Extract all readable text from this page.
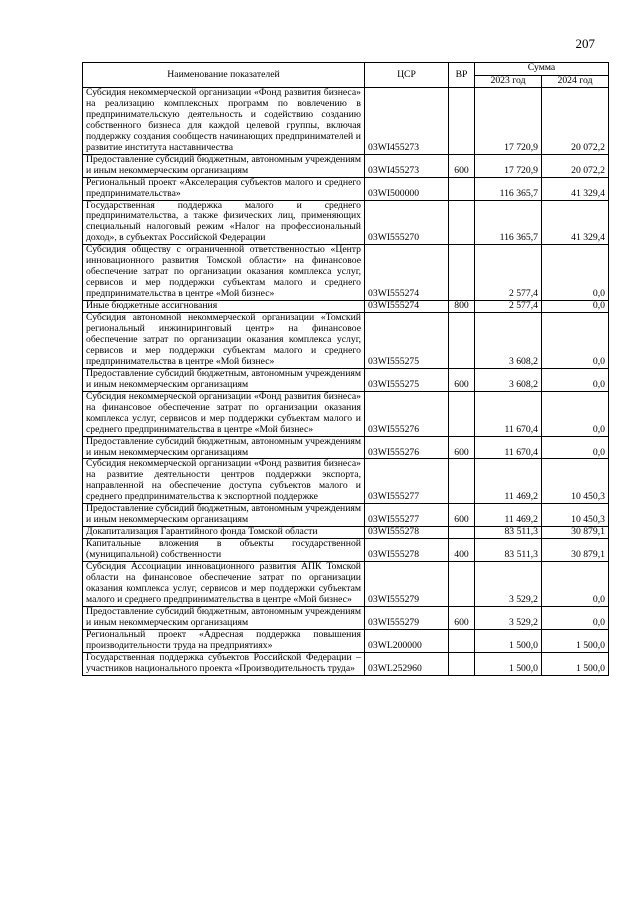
207
Наименование показателей	ЦСР	ВР	Сумма	
			2023 год	2024 год
Субсидия некоммерческой организации «Фонд развития бизнеса» на реализацию комплексных программ по вовлечению в предпринимательскую деятельность и содействию созданию собственного бизнеса для каждой целевой группы, включая поддержку создания сообществ начинающих предпринимателей и развитие института наставничества	03WI455273		17 720,9	20 072,2
Предоставление субсидий бюджетным, автономным учреждениям и иным некоммерческим организациям	03WI455273	600	17 720,9	20 072,2
Региональный проект «Акселерация субъектов малого и среднего предпринимательства»	03WI500000		116 365,7	41 329,4
Государственная поддержка малого и среднего предпринимательства, а также физических лиц, применяющих специальный налоговый режим «Налог на профессиональный доход», в субъектах Российской Федерации	03WI555270		116 365,7	41 329,4
Субсидия обществу с ограниченной ответственностью «Центр инновационного развития Томской области» на финансовое обеспечение затрат по организации оказания комплекса услуг, сервисов и мер поддержки субъектам малого и среднего предпринимательства в центре «Мой бизнес»	03WI555274		2 577,4	0,0
Иные бюджетные ассигнования	03WI555274	800	2 577,4	0,0
Субсидия автономной некоммерческой организации «Томский региональный инжиниринговый центр» на финансовое обеспечение затрат по организации оказания комплекса услуг, сервисов и мер поддержки субъектам малого и среднего предпринимательства в центре «Мой бизнес»	03WI555275		3 608,2	0,0
Предоставление субсидий бюджетным, автономным учреждениям и иным некоммерческим организациям	03WI555275	600	3 608,2	0,0
Субсидия некоммерческой организации «Фонд развития бизнеса» на финансовое обеспечение затрат по организации оказания комплекса услуг, сервисов и мер поддержки субъектам малого и среднего предпринимательства в центре «Мой бизнес»	03WI555276		11 670,4	0,0
Предоставление субсидий бюджетным, автономным учреждениям и иным некоммерческим организациям	03WI555276	600	11 670,4	0,0
Субсидия некоммерческой организации «Фонд развития бизнеса» на развитие деятельности центров поддержки экспорта, направленной на обеспечение доступа субъектов малого и среднего предпринимательства к экспортной поддержке	03WI555277		11 469,2	10 450,3
Предоставление субсидий бюджетным, автономным учреждениям и иным некоммерческим организациям	03WI555277	600	11 469,2	10 450,3
Докапитализация Гарантийного фонда Томской области	03WI555278		83 511,3	30 879,1
Капитальные вложения в объекты государственной (муниципальной) собственности	03WI555278	400	83 511,3	30 879,1
Субсидия Ассоциации инновационного развития АПК Томской области на финансовое обеспечение затрат по организации оказания комплекса услуг, сервисов и мер поддержки субъектам малого и среднего предпринимательства в центре «Мой бизнес»	03WI555279		3 529,2	0,0
Предоставление субсидий бюджетным, автономным учреждениям и иным некоммерческим организациям	03WI555279	600	3 529,2	0,0
Региональный проект «Адресная поддержка повышения производительности труда на предприятиях»	03WL200000		1 500,0	1 500,0
Государственная поддержка субъектов Российской Федерации – участников национального проекта «Производительность труда»	03WL252960		1 500,0	1 500,0
